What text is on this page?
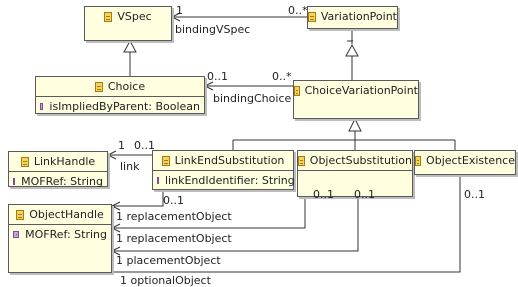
VSpec	VariationPoint
Choice
isImpliedByParent: Boolean
ChoiceVariationPoint
LinkHandle
MOFRef: String
LinkEndSubstitution
linkEndIdentifier: String
ObjectSubstitution ObjectExistence
ObjectHandle
MOFRef: String
1	0..*
bindingVSpec
0..1	0..*
bindingChoice
1 0..1
link
0..1
1 replacementObject
0..1
1 replacementObject
0..1
1 placementObject
0..1
1 optionalObject
